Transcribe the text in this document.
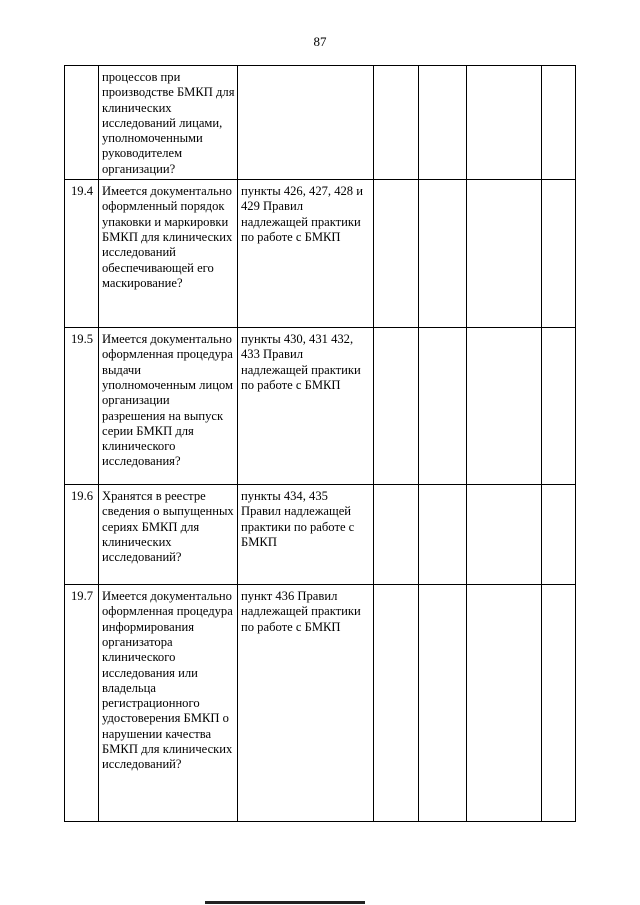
87
	процессов при производстве БМКП для клинических исследований лицами, уполномоченными руководителем организации?					
19.4	Имеется документально оформленный порядок упаковки и маркировки БМКП для клинических исследований обеспечивающей его маскирование?	пункты 426, 427, 428 и 429 Правил надлежащей практики по работе с БМКП				
19.5	Имеется документально оформленная процедура выдачи уполномоченным лицом организации разрешения на выпуск серии БМКП для клинического исследования?	пункты 430, 431 432, 433 Правил надлежащей практики по работе с БМКП				
19.6	Хранятся в реестре сведения о выпущенных сериях БМКП для клинических исследований?	пункты 434, 435 Правил надлежащей практики по работе с БМКП				
19.7	Имеется документально оформленная процедура информирования организатора клинического исследования или владельца регистрационного удостоверения БМКП о нарушении качества БМКП для клинических исследований?	пункт 436 Правил надлежащей практики по работе с БМКП				
